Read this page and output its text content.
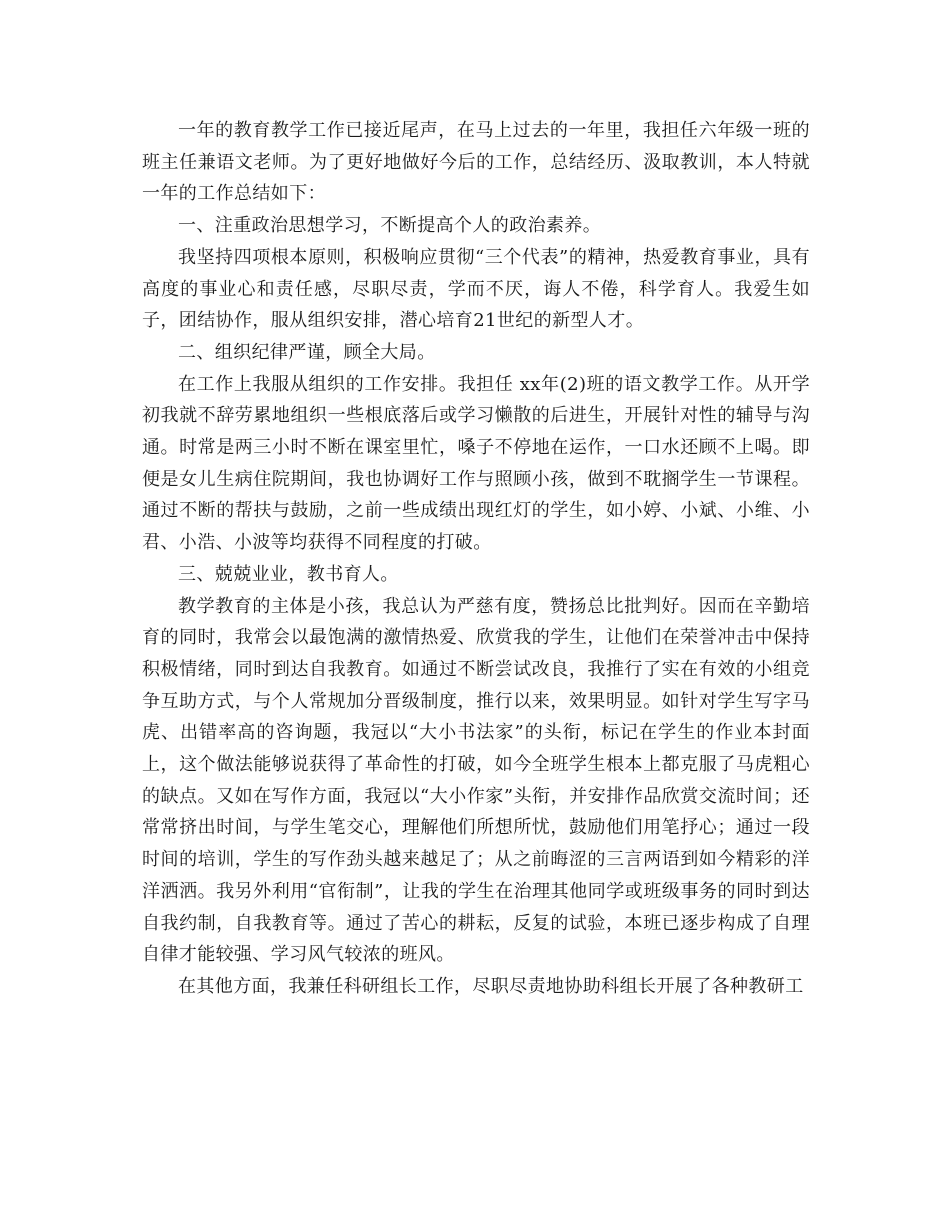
一年的教育教学工作已接近尾声，在马上过去的一年里，我担任六年级一班的班主任兼语文老师。为了更好地做好今后的工作，总结经历、汲取教训，本人特就一年的工作总结如下：

一、注重政治思想学习，不断提高个人的政治素养。

我坚持四项根本原则，积极响应贯彻“三个代表”的精神，热爱教育事业，具有高度的事业心和责任感，尽职尽责，学而不厌，诲人不倦，科学育人。我爱生如子，团结协作，服从组织安排，潜心培育21世纪的新型人才。

二、组织纪律严谨，顾全大局。

在工作上我服从组织的工作安排。我担任 xx年(2)班的语文教学工作。从开学初我就不辞劳累地组织一些根底落后或学习懒散的后进生，开展针对性的辅导与沟通。时常是两三小时不断在课室里忙，嗓子不停地在运作，一口水还顾不上喝。即便是女儿生病住院期间，我也协调好工作与照顾小孩，做到不耽搁学生一节课程。通过不断的帮扶与鼓励，之前一些成绩出现红灯的学生，如小婷、小斌、小维、小君、小浩、小波等均获得不同程度的打破。

三、兢兢业业，教书育人。

教学教育的主体是小孩，我总认为严慈有度，赞扬总比批判好。因而在辛勤培育的同时，我常会以最饱满的激情热爱、欣赏我的学生，让他们在荣誉冲击中保持积极情绪，同时到达自我教育。如通过不断尝试改良，我推行了实在有效的小组竞争互助方式，与个人常规加分晋级制度，推行以来，效果明显。如针对学生写字马虎、出错率高的咨询题，我冠以“大小书法家”的头衔，标记在学生的作业本封面上，这个做法能够说获得了革命性的打破，如今全班学生根本上都克服了马虎粗心的缺点。又如在写作方面，我冠以“大小作家”头衔，并安排作品欣赏交流时间；还常常挤出时间，与学生笔交心，理解他们所想所忧，鼓励他们用笔抒心；通过一段时间的培训，学生的写作劲头越来越足了；从之前晦涩的三言两语到如今精彩的洋洋洒洒。我另外利用“官衔制”，让我的学生在治理其他同学或班级事务的同时到达自我约制，自我教育等。通过了苦心的耕耘，反复的试验，本班已逐步构成了自理自律才能较强、学习风气较浓的班风。

在其他方面，我兼任科研组长工作，尽职尽责地协助科组长开展了各种教研工
